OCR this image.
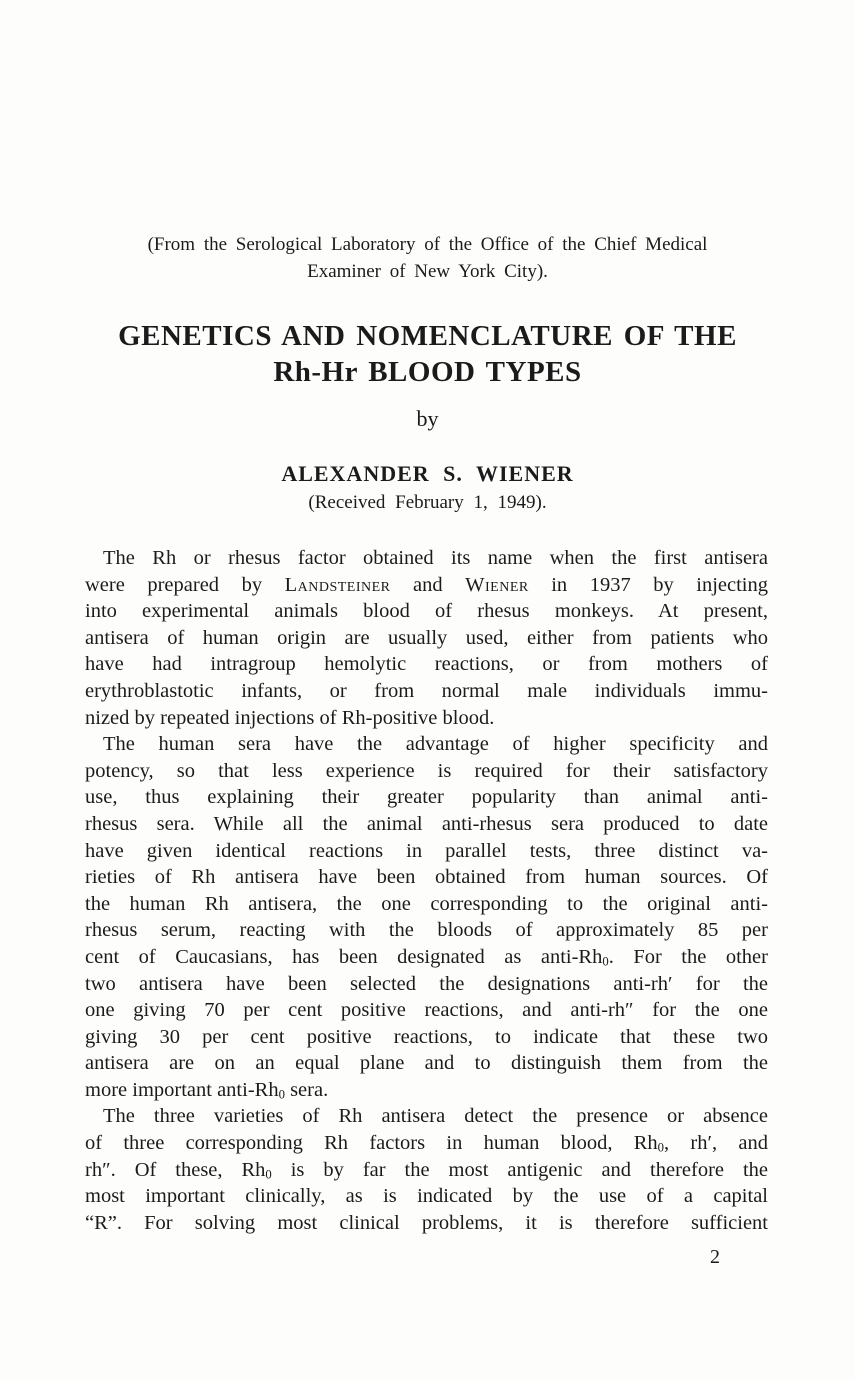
(From the Serological Laboratory of the Office of the Chief Medical
Examiner of New York City).
GENETICS AND NOMENCLATURE OF THE
Rh-Hr BLOOD TYPES
by
ALEXANDER S. WIENER
(Received February 1, 1949).
The Rh or rhesus factor obtained its name when the first antisera
were prepared by Landsteiner and Wiener in 1937 by injecting
into experimental animals blood of rhesus monkeys. At present,
antisera of human origin are usually used, either from patients who
have had intragroup hemolytic reactions, or from mothers of
erythroblastotic infants, or from normal male individuals immu-
nized by repeated injections of Rh-positive blood.
The human sera have the advantage of higher specificity and
potency, so that less experience is required for their satisfactory
use, thus explaining their greater popularity than animal anti-
rhesus sera. While all the animal anti-rhesus sera produced to date
have given identical reactions in parallel tests, three distinct va-
rieties of Rh antisera have been obtained from human sources. Of
the human Rh antisera, the one corresponding to the original anti-
rhesus serum, reacting with the bloods of approximately 85 per
cent of Caucasians, has been designated as anti-$Rh_0$. For the other
two antisera have been selected the designations anti-rh′ for the
one giving 70 per cent positive reactions, and anti-rh″ for the one
giving 30 per cent positive reactions, to indicate that these two
antisera are on an equal plane and to distinguish them from the
more important anti-$Rh_0$ sera.
The three varieties of Rh antisera detect the presence or absence
of three corresponding Rh factors in human blood, $Rh_0$, rh′, and
rh″. Of these, $Rh_0$ is by far the most antigenic and therefore the
most important clinically, as is indicated by the use of a capital
“R”. For solving most clinical problems, it is therefore sufficient
2
